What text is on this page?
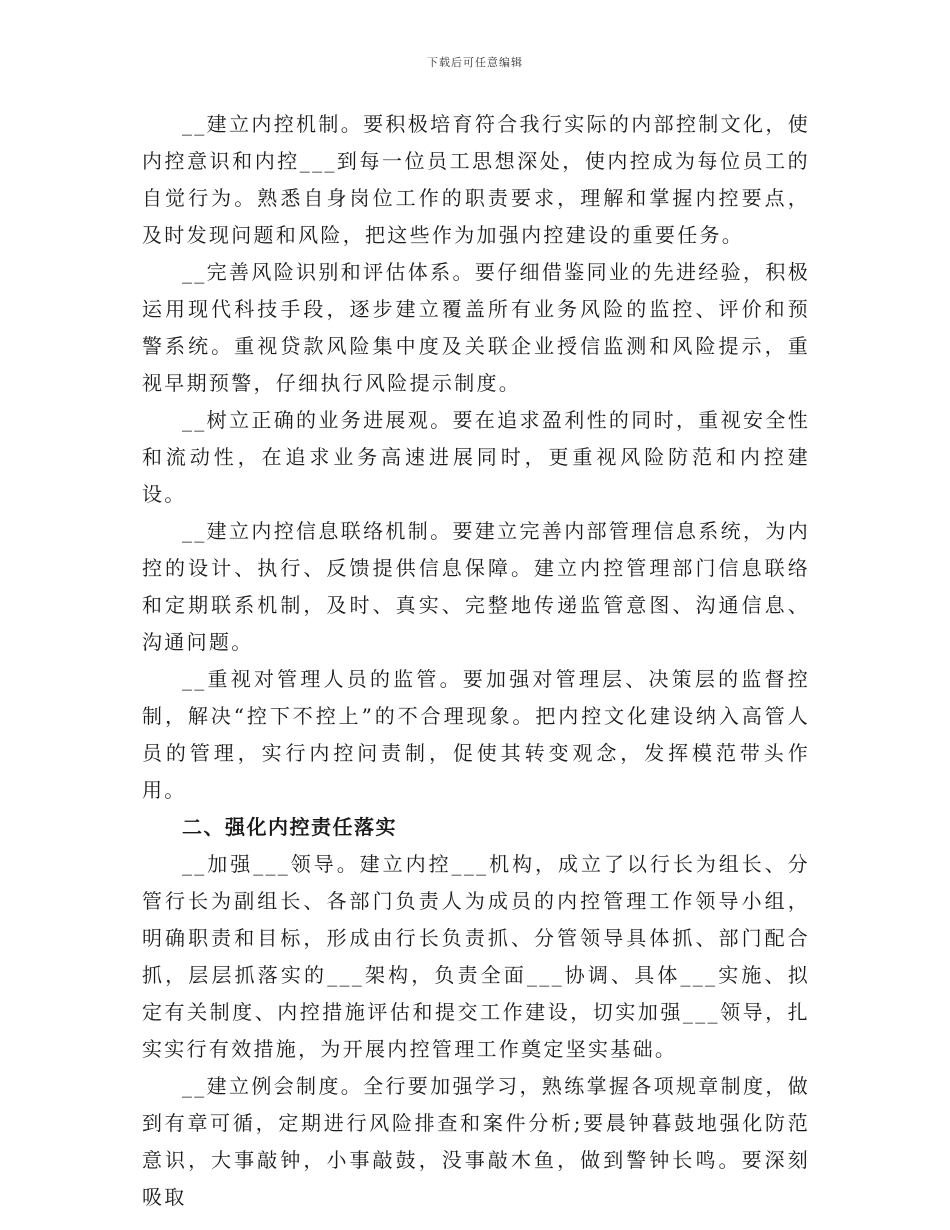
下载后可任意编辑

__建立内控机制。要积极培育符合我行实际的内部控制文化，使内控意识和内控___到每一位员工思想深处，使内控成为每位员工的自觉行为。熟悉自身岗位工作的职责要求，理解和掌握内控要点，及时发现问题和风险，把这些作为加强内控建设的重要任务。

__完善风险识别和评估体系。要仔细借鉴同业的先进经验，积极运用现代科技手段，逐步建立覆盖所有业务风险的监控、评价和预警系统。重视贷款风险集中度及关联企业授信监测和风险提示，重视早期预警，仔细执行风险提示制度。

__树立正确的业务进展观。要在追求盈利性的同时，重视安全性和流动性，在追求业务高速进展同时，更重视风险防范和内控建设。

__建立内控信息联络机制。要建立完善内部管理信息系统，为内控的设计、执行、反馈提供信息保障。建立内控管理部门信息联络和定期联系机制，及时、真实、完整地传递监管意图、沟通信息、沟通问题。

__重视对管理人员的监管。要加强对管理层、决策层的监督控制，解决“控下不控上”的不合理现象。把内控文化建设纳入高管人员的管理，实行内控问责制，促使其转变观念，发挥模范带头作用。

二、强化内控责任落实

__加强___领导。建立内控___机构，成立了以行长为组长、分管行长为副组长、各部门负责人为成员的内控管理工作领导小组，明确职责和目标，形成由行长负责抓、分管领导具体抓、部门配合抓，层层抓落实的___架构，负责全面___协调、具体___实施、拟定有关制度、内控措施评估和提交工作建设，切实加强___领导，扎实实行有效措施，为开展内控管理工作奠定坚实基础。

__建立例会制度。全行要加强学习，熟练掌握各项规章制度，做到有章可循，定期进行风险排查和案件分析;要晨钟暮鼓地强化防范意识，大事敲钟，小事敲鼓，没事敲木鱼，做到警钟长鸣。要深刻吸取
